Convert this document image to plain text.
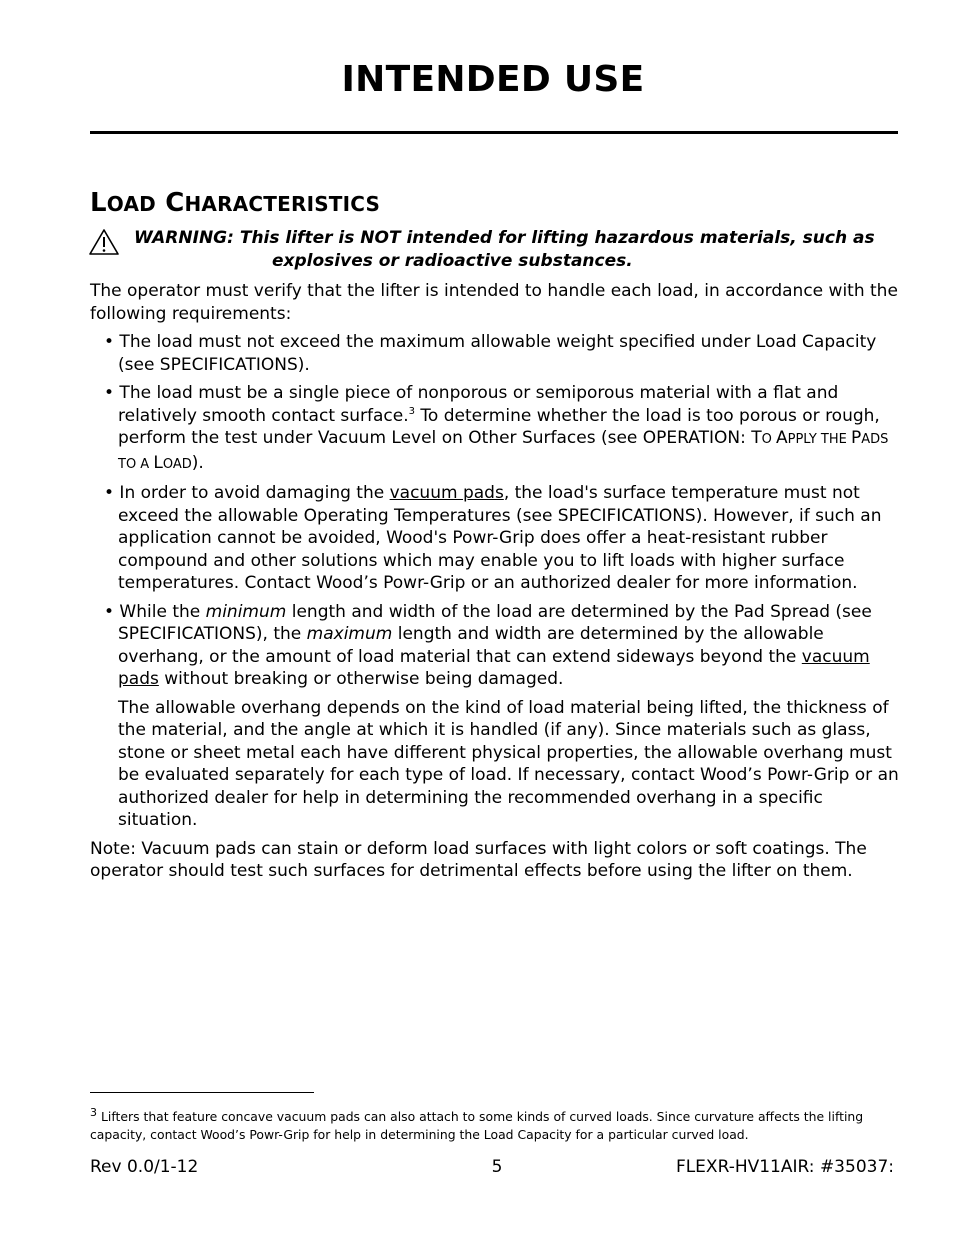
INTENDED USE
LOAD CHARACTERISTICS
WARNING: This lifter is NOT intended for lifting hazardous materials, such as
explosives or radioactive substances.

The operator must verify that the lifter is intended to handle each load, in accordance with the following requirements:

• The load must not exceed the maximum allowable weight specified under Load Capacity (see SPECIFICATIONS).

• The load must be a single piece of nonporous or semiporous material with a flat and relatively smooth contact surface.$^3$ To determine whether the load is too porous or rough, perform the test under Vacuum Level on Other Surfaces (see OPERATION: TO APPLY THE PADS TO A LOAD).

• In order to avoid damaging the vacuum pads, the load's surface temperature must not exceed the allowable Operating Temperatures (see SPECIFICATIONS). However, if such an application cannot be avoided, Wood's Powr-Grip does offer a heat-resistant rubber compound and other solutions which may enable you to lift loads with higher surface temperatures. Contact Wood’s Powr-Grip or an authorized dealer for more information.

• While the minimum length and width of the load are determined by the Pad Spread (see SPECIFICATIONS), the maximum length and width are determined by the allowable overhang, or the amount of load material that can extend sideways beyond the vacuum pads without breaking or otherwise being damaged.

The allowable overhang depends on the kind of load material being lifted, the thickness of the material, and the angle at which it is handled (if any). Since materials such as glass, stone or sheet metal each have different physical properties, the allowable overhang must be evaluated separately for each type of load. If necessary, contact Wood’s Powr-Grip or an authorized dealer for help in determining the recommended overhang in a specific situation.

Note: Vacuum pads can stain or deform load surfaces with light colors or soft coatings. The operator should test such surfaces for detrimental effects before using the lifter on them.

$^3$ Lifters that feature concave vacuum pads can also attach to some kinds of curved loads. Since curvature affects the lifting capacity, contact Wood’s Powr-Grip for help in determining the Load Capacity for a particular curved load.
Rev 0.0/1-12	5	FLEXR-HV11AIR: #35037:
